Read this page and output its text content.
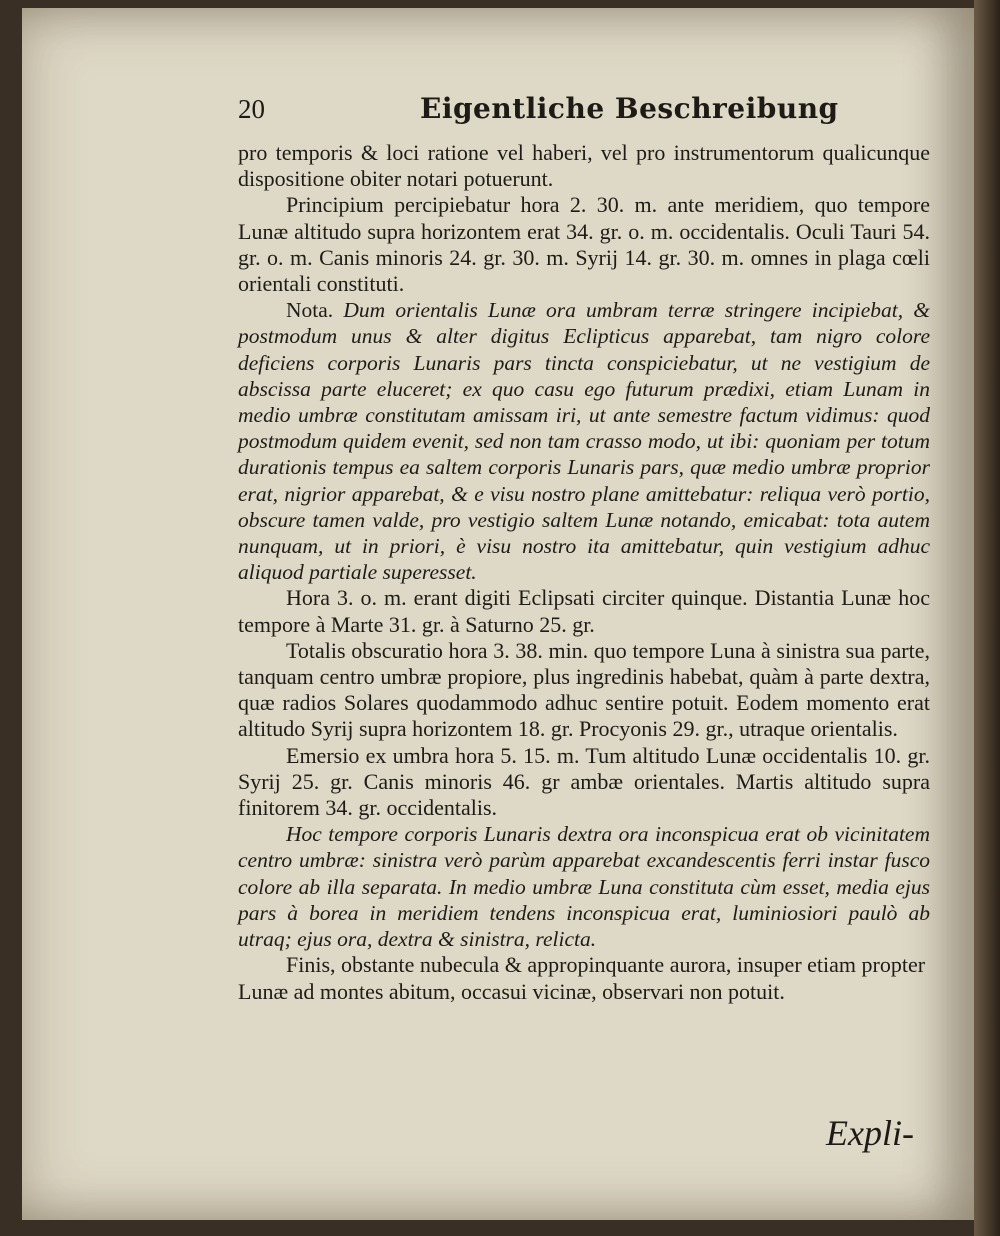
20	Eigentliche Beschreibung

pro temporis & loci ratione vel haberi, vel pro instrumentorum qualicunque dispositione obiter notari potuerunt.

Principium percipiebatur hora 2. 30. m. ante meridiem, quo tempore Lunæ altitudo supra horizontem erat 34. gr. o. m. occidentalis. Oculi Tauri 54. gr. o. m. Canis minoris 24. gr. 30. m. Syrij 14. gr. 30. m. omnes in plaga cœli orientali constituti.

Nota. Dum orientalis Lunæ ora umbram terræ stringere incipiebat, & postmodum unus & alter digitus Eclipticus apparebat, tam nigro colore deficiens corporis Lunaris pars tincta conspiciebatur, ut ne vestigium de abscissa parte eluceret; ex quo casu ego futurum prædixi, etiam Lunam in medio umbræ constitutam amissam iri, ut ante semestre factum vidimus: quod postmodum quidem evenit, sed non tam crasso modo, ut ibi: quoniam per totum durationis tempus ea saltem corporis Lunaris pars, quæ medio umbræ proprior erat, nigrior apparebat, & e visu nostro plane amittebatur: reliqua verò portio, obscure tamen valde, pro vestigio saltem Lunæ notando, emicabat: tota autem nunquam, ut in priori, è visu nostro ita amittebatur, quin vestigium adhuc aliquod partiale superesset.

Hora 3. o. m. erant digiti Eclipsati circiter quinque. Distantia Lunæ hoc tempore à Marte 31. gr. à Saturno 25. gr.

Totalis obscuratio hora 3. 38. min. quo tempore Luna à sinistra sua parte, tanquam centro umbræ propiore, plus ingredinis habebat, quàm à parte dextra, quæ radios Solares quodammodo adhuc sentire potuit. Eodem momento erat altitudo Syrij supra horizontem 18. gr. Procyonis 29. gr., utraque orientalis.

Emersio ex umbra hora 5. 15. m. Tum altitudo Lunæ occidentalis 10. gr. Syrij 25. gr. Canis minoris 46. gr ambæ orientales. Martis altitudo supra finitorem 34. gr. occidentalis.

Hoc tempore corporis Lunaris dextra ora inconspicua erat ob vicinitatem centro umbræ: sinistra verò parùm apparebat excandescentis ferri instar fusco colore ab illa separata. In medio umbræ Luna constituta cùm esset, media ejus pars à borea in meridiem tendens inconspicua erat, luminiosiori paulò ab utraq; ejus ora, dextra & sinistra, relicta.

Finis, obstante nubecula & appropinquante aurora, insuper etiam propter Lunæ ad montes abitum, occasui vicinæ, observari non potuit.

Expli-
